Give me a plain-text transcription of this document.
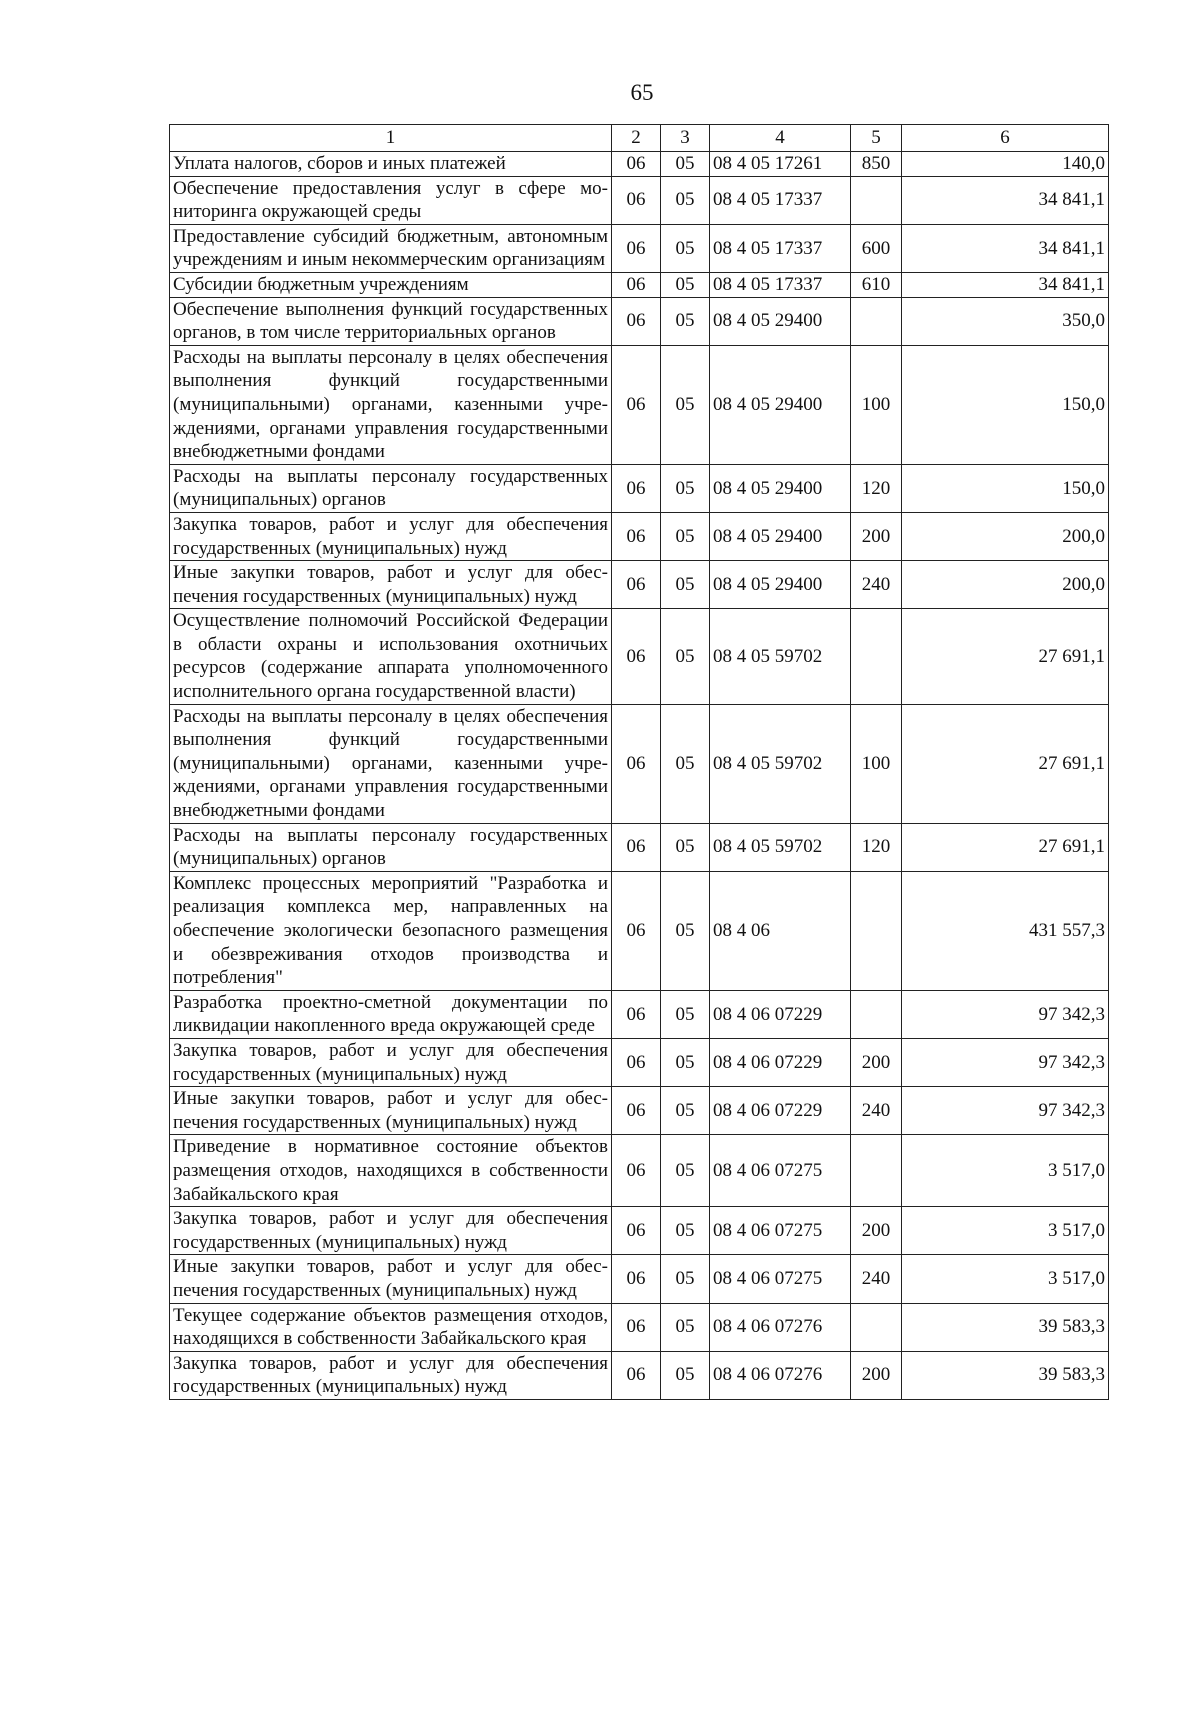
65
1	2	3	4	5	6
Уплата налогов, сборов и иных платежей	06	05	08 4 05 17261	850	140,0
Обеспечение предоставления услуг в сфере мониторинга окружающей среды	06	05	08 4 05 17337		34 841,1
Предоставление субсидий бюджетным, автономным учреждениям и иным некоммерческим организациям	06	05	08 4 05 17337	600	34 841,1
Субсидии бюджетным учреждениям	06	05	08 4 05 17337	610	34 841,1
Обеспечение выполнения функций государственных органов, в том числе территориальных органов	06	05	08 4 05 29400		350,0
Расходы на выплаты персоналу в целях обеспечения выполнения функций государственными (муниципальными) органами, казенными учреждениями, органами управления государственными внебюджетными фондами	06	05	08 4 05 29400	100	150,0
Расходы на выплаты персоналу государственных (муниципальных) органов	06	05	08 4 05 29400	120	150,0
Закупка товаров, работ и услуг для обеспечения государственных (муниципальных) нужд	06	05	08 4 05 29400	200	200,0
Иные закупки товаров, работ и услуг для обеспечения государственных (муниципальных) нужд	06	05	08 4 05 29400	240	200,0
Осуществление полномочий Российской Федерации в области охраны и использования охотничьих ресурсов (содержание аппарата уполномоченного исполнительного органа государственной власти)	06	05	08 4 05 59702		27 691,1
Расходы на выплаты персоналу в целях обеспечения выполнения функций государственными (муниципальными) органами, казенными учреждениями, органами управления государственными внебюджетными фондами	06	05	08 4 05 59702	100	27 691,1
Расходы на выплаты персоналу государственных (муниципальных) органов	06	05	08 4 05 59702	120	27 691,1
Комплекс процессных мероприятий "Разработка и реализация комплекса мер, направленных на обеспечение экологически безопасного размещения и обезвреживания отходов производства и потребления"	06	05	08 4 06		431 557,3
Разработка проектно-сметной документации по ликвидации накопленного вреда окружающей среде	06	05	08 4 06 07229		97 342,3
Закупка товаров, работ и услуг для обеспечения государственных (муниципальных) нужд	06	05	08 4 06 07229	200	97 342,3
Иные закупки товаров, работ и услуг для обеспечения государственных (муниципальных) нужд	06	05	08 4 06 07229	240	97 342,3
Приведение в нормативное состояние объектов размещения отходов, находящихся в собственности Забайкальского края	06	05	08 4 06 07275		3 517,0
Закупка товаров, работ и услуг для обеспечения государственных (муниципальных) нужд	06	05	08 4 06 07275	200	3 517,0
Иные закупки товаров, работ и услуг для обеспечения государственных (муниципальных) нужд	06	05	08 4 06 07275	240	3 517,0
Текущее содержание объектов размещения отходов, находящихся в собственности Забайкальского края	06	05	08 4 06 07276		39 583,3
Закупка товаров, работ и услуг для обеспечения государственных (муниципальных) нужд	06	05	08 4 06 07276	200	39 583,3
